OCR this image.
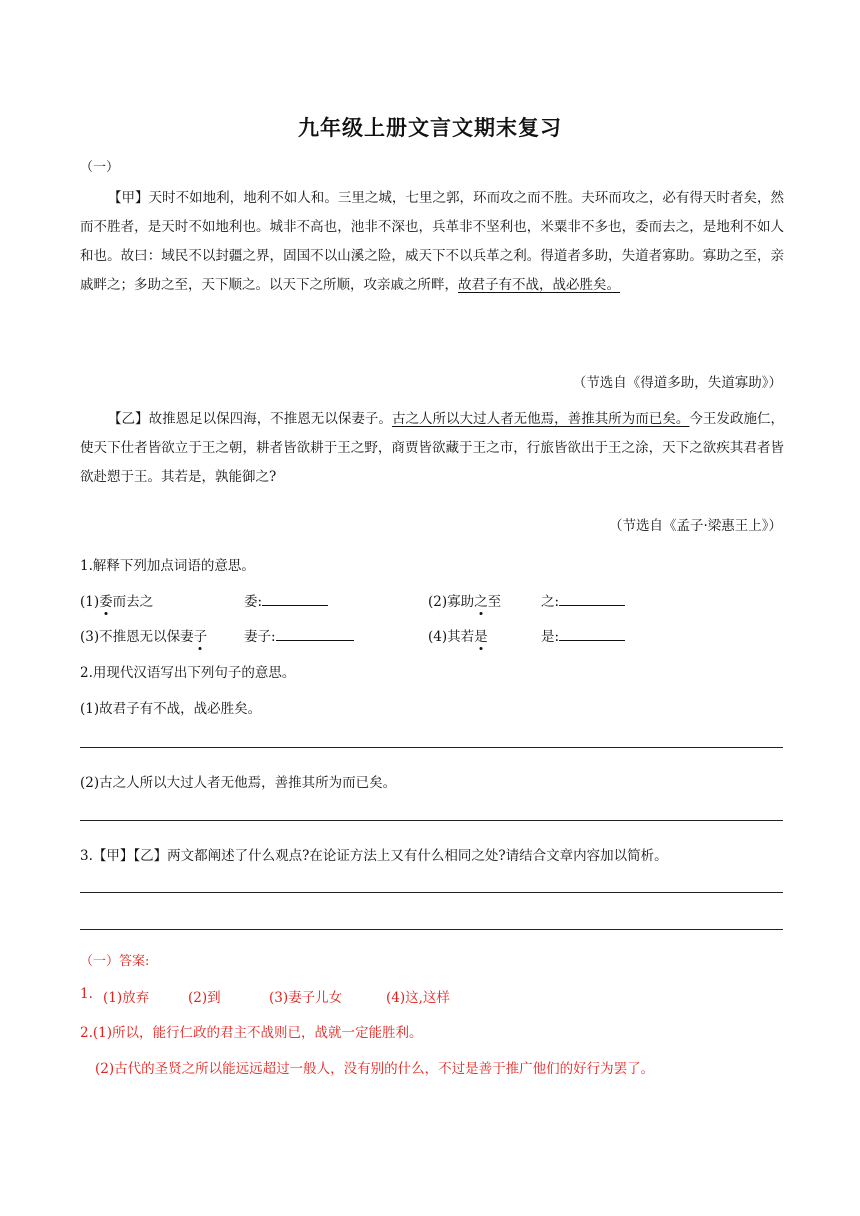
九年级上册文言文期末复习
（一）
【甲】天时不如地利，地利不如人和。三里之城，七里之郭，环而攻之而不胜。夫环而攻之，必有得天时者矣，然而不胜者，是天时不如地利也。城非不高也，池非不深也，兵革非不坚利也，米粟非不多也，委而去之，是地利不如人和也。故曰：域民不以封疆之界，固国不以山溪之险，威天下不以兵革之利。得道者多助，失道者寡助。寡助之至，亲戚畔之；多助之至，天下顺之。以天下之所顺，攻亲戚之所畔，故君子有不战，战必胜矣。
（节选自《得道多助，失道寡助》）
【乙】故推恩足以保四海，不推恩无以保妻子。古之人所以大过人者无他焉，善推其所为而已矣。今王发政施仁，使天下仕者皆欲立于王之朝，耕者皆欲耕于王之野，商贾皆欲藏于王之市，行旅皆欲出于王之涂，天下之欲疾其君者皆欲赴愬于王。其若是，孰能御之?
（节选自《孟子·梁惠王上》）
1.解释下列加点词语的意思。
(1)委而去之	委:	(2)寡助之至	之:
(3)不推恩无以保妻子	妻子:	(4)其若是	是:
2.用现代汉语写出下列句子的意思。
(1)故君子有不战，战必胜矣。
(2)古之人所以大过人者无他焉，善推其所为而已矣。
3.【甲】【乙】两文都阐述了什么观点?在论证方法上又有什么相同之处?请结合文章内容加以简析。
（一）答案:
1. (1)放弃	(2)到	(3)妻子儿女	(4)这,这样
2.(1)所以，能行仁政的君主不战则已，战就一定能胜利。
(2)古代的圣贤之所以能远远超过一般人，没有别的什么，不过是善于推广他们的好行为罢了。
